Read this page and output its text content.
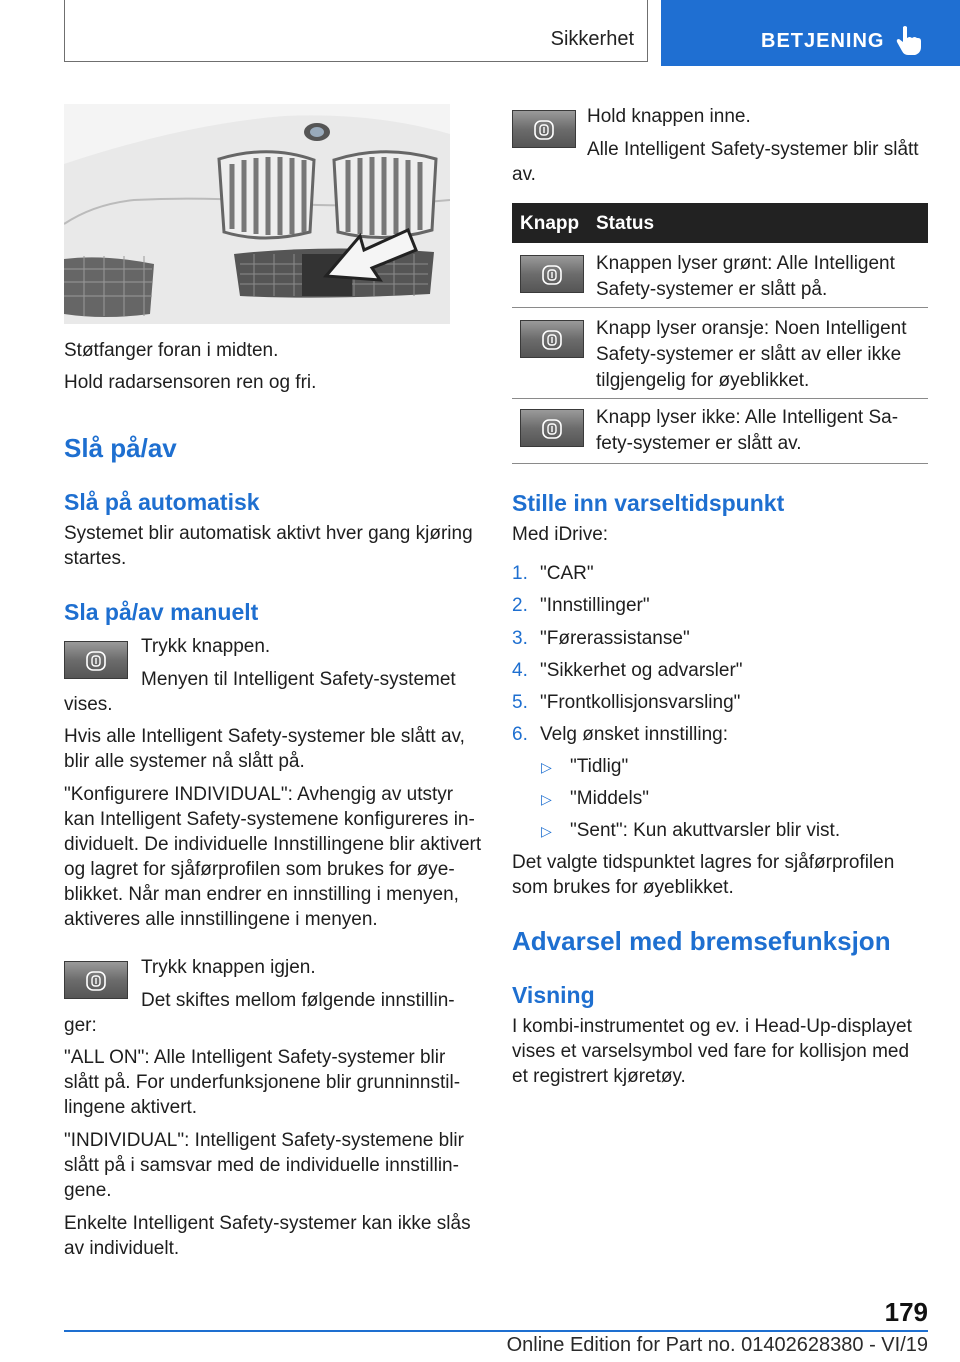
Sikkerhet	BETJENING
Støtfanger foran i midten.
Hold radarsensoren ren og fri.
Slå på/av
Slå på automatisk
Systemet blir automatisk aktivt hver gang kjøring
startes.
Sla på/av manuelt
Trykk knappen.
Menyen til Intelligent Safety-systemet
vises.
Hvis alle Intelligent Safety-systemer ble slått av,
blir alle systemer nå slått på.
"Konfigurere INDIVIDUAL": Avhengig av utstyr
kan Intelligent Safety-systemene konfigureres in-
dividuelt. De individuelle Innstillingene blir aktivert
og lagret for sjåførprofilen som brukes for øye-
blikket. Når man endrer en innstilling i menyen,
aktiveres alle innstillingene i menyen.
Trykk knappen igjen.
Det skiftes mellom følgende innstillin-
ger:
"ALL ON": Alle Intelligent Safety-systemer blir
slått på. For underfunksjonene blir grunninnstil-
lingene aktivert.
"INDIVIDUAL": Intelligent Safety-systemene blir
slått på i samsvar med de individuelle innstillin-
gene.
Enkelte Intelligent Safety-systemer kan ikke slås
av individuelt.
Hold knappen inne.
Alle Intelligent Safety-systemer blir slått
av.
Knapp Status
Knappen lyser grønt: Alle Intelligent
Safety-systemer er slått på.
Knapp lyser oransje: Noen Intelligent
Safety-systemer er slått av eller ikke
tilgjengelig for øyeblikket.
Knapp lyser ikke: Alle Intelligent Sa-
fety-systemer er slått av.
Stille inn varseltidspunkt
Med iDrive:
1. "CAR"
2. "Innstillinger"
3. "Førerassistanse"
4. "Sikkerhet og advarsler"
5. "Frontkollisjonsvarsling"
6. Velg ønsket innstilling:
▷ "Tidlig"
▷ "Middels"
▷ "Sent": Kun akuttvarsler blir vist.
Det valgte tidspunktet lagres for sjåførprofilen
som brukes for øyeblikket.
Advarsel med bremsefunksjon
Visning
I kombi-instrumentet og ev. i Head-Up-displayet
vises et varselsymbol ved fare for kollisjon med
et registrert kjøretøy.
179
Online Edition for Part no. 01402628380 - VI/19
